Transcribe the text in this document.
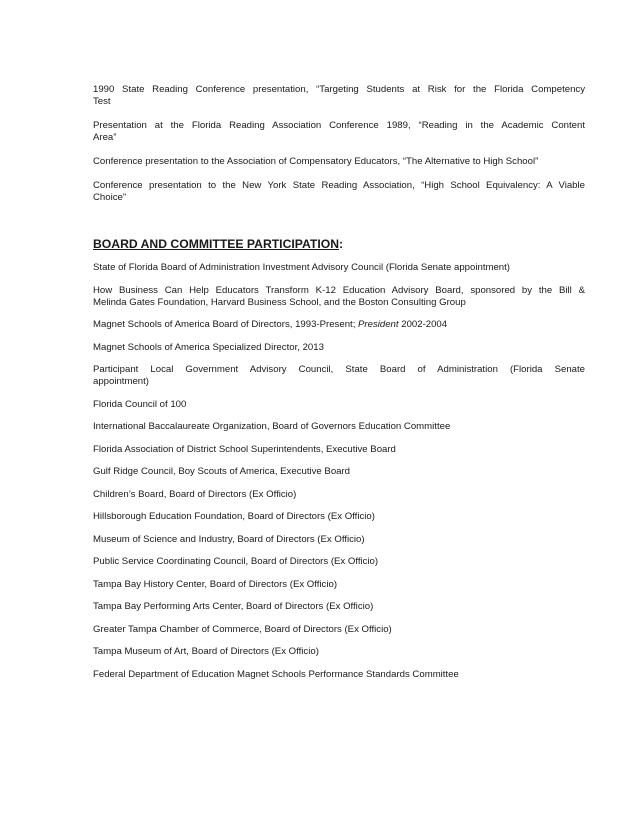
1990 State Reading Conference presentation, “Targeting Students at Risk for the Florida Competency
Test

Presentation at the Florida Reading Association Conference 1989, “Reading in the Academic Content
Area”

Conference presentation to the Association of Compensatory Educators, “The Alternative to High School”

Conference presentation to the New York State Reading Association, “High School Equivalency: A Viable
Choice”

BOARD AND COMMITTEE PARTICIPATION:

State of Florida Board of Administration Investment Advisory Council (Florida Senate appointment)

How Business Can Help Educators Transform K-12 Education Advisory Board, sponsored by the Bill &
Melinda Gates Foundation, Harvard Business School, and the Boston Consulting Group

Magnet Schools of America Board of Directors, 1993-Present; President 2002-2004

Magnet Schools of America Specialized Director, 2013

Participant Local Government Advisory Council, State Board of Administration (Florida Senate
appointment)

Florida Council of 100

International Baccalaureate Organization, Board of Governors Education Committee

Florida Association of District School Superintendents, Executive Board

Gulf Ridge Council, Boy Scouts of America, Executive Board

Children’s Board, Board of Directors (Ex Officio)

Hillsborough Education Foundation, Board of Directors (Ex Officio)

Museum of Science and Industry, Board of Directors (Ex Officio)

Public Service Coordinating Council, Board of Directors (Ex Officio)

Tampa Bay History Center, Board of Directors (Ex Officio)

Tampa Bay Performing Arts Center, Board of Directors (Ex Officio)

Greater Tampa Chamber of Commerce, Board of Directors (Ex Officio)

Tampa Museum of Art, Board of Directors (Ex Officio)

Federal Department of Education Magnet Schools Performance Standards Committee
